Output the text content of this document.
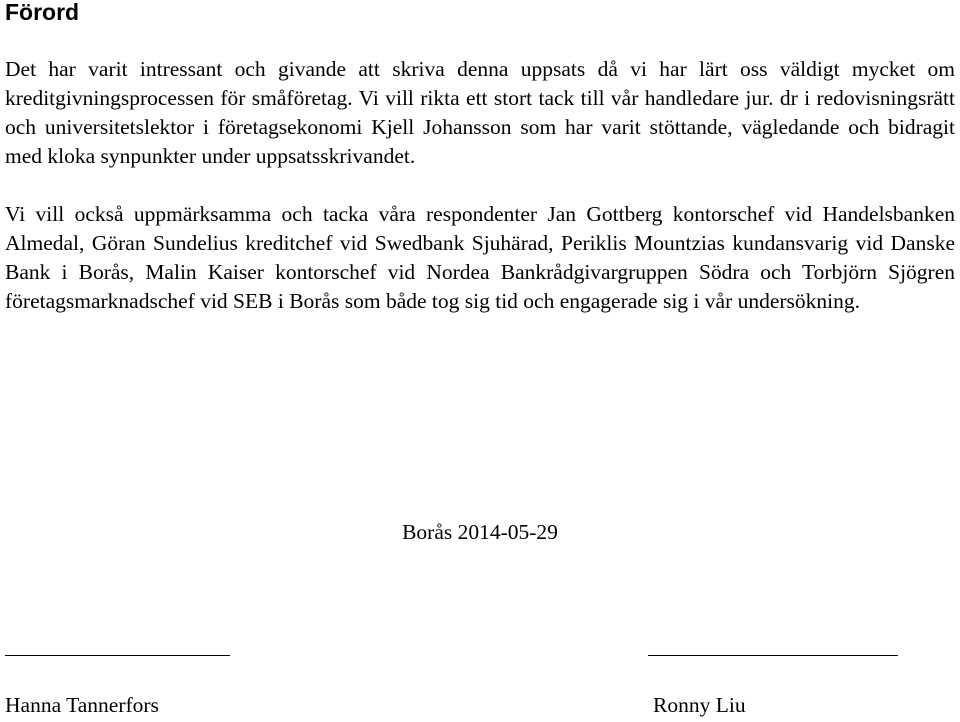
Förord

Det har varit intressant och givande att skriva denna uppsats då vi har lärt oss väldigt mycket om kreditgivningsprocessen för småföretag. Vi vill rikta ett stort tack till vår handledare jur. dr i redovisningsrätt och universitetslektor i företagsekonomi Kjell Johansson som har varit stöttande, vägledande och bidragit med kloka synpunkter under uppsatsskrivandet.

Vi vill också uppmärksamma och tacka våra respondenter Jan Gottberg kontorschef vid Handelsbanken Almedal, Göran Sundelius kreditchef vid Swedbank Sjuhärad, Periklis Mountzias kundansvarig vid Danske Bank i Borås, Malin Kaiser kontorschef vid Nordea Bankrådgivargruppen Södra och Torbjörn Sjögren företagsmarknadschef vid SEB i Borås som både tog sig tid och engagerade sig i vår undersökning.

Borås 2014-05-29
Hanna Tannerfors	Ronny Liu
